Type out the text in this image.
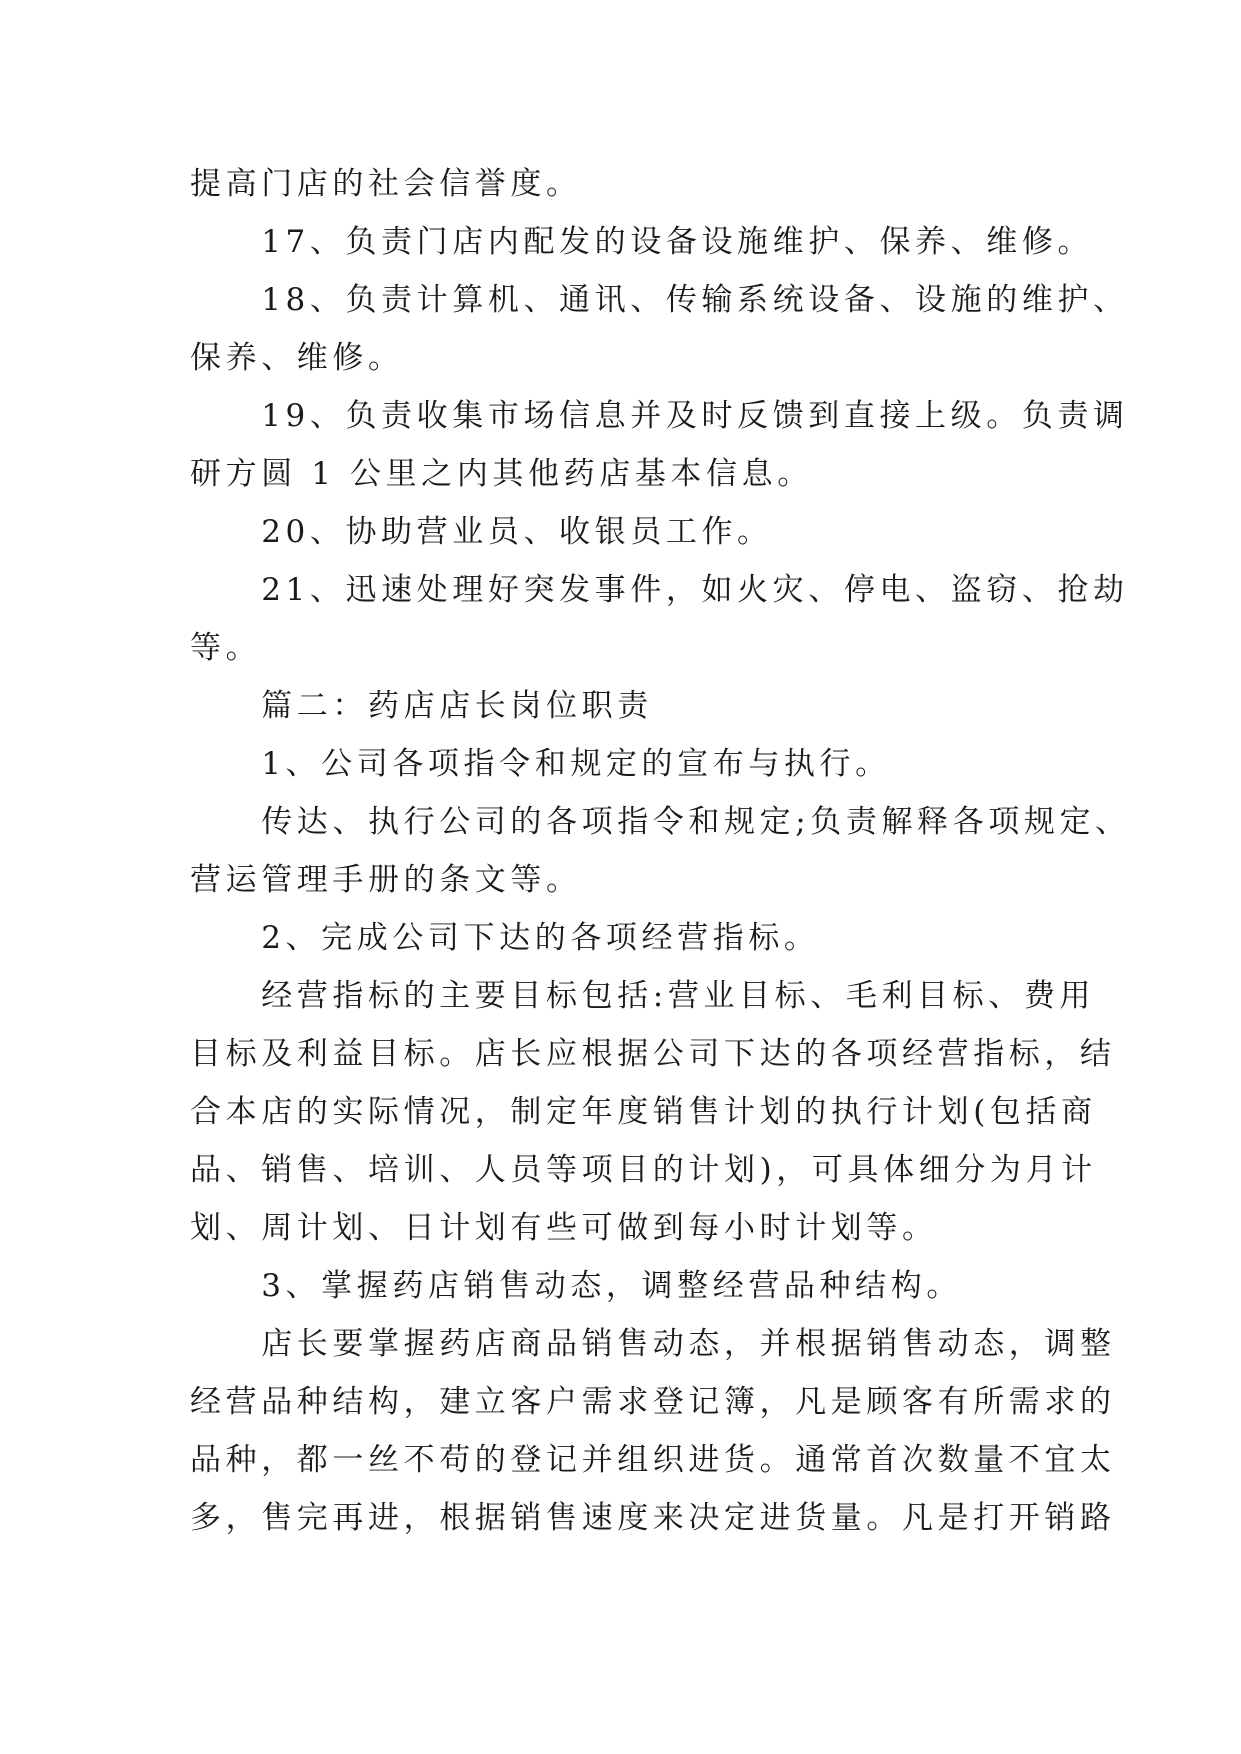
提高门店的社会信誉度。
　　17、负责门店内配发的设备设施维护、保养、维修。
　　18、负责计算机、通讯、传输系统设备、设施的维护、
保养、维修。
　　19、负责收集市场信息并及时反馈到直接上级。负责调
研方圆 1 公里之内其他药店基本信息。
　　20、协助营业员、收银员工作。
　　21、迅速处理好突发事件，如火灾、停电、盗窃、抢劫
等。
　　篇二：药店店长岗位职责
　　1、公司各项指令和规定的宣布与执行。
　　传达、执行公司的各项指令和规定;负责解释各项规定、
营运管理手册的条文等。
　　2、完成公司下达的各项经营指标。
　　经营指标的主要目标包括:营业目标、毛利目标、费用
目标及利益目标。店长应根据公司下达的各项经营指标，结
合本店的实际情况，制定年度销售计划的执行计划(包括商
品、销售、培训、人员等项目的计划)，可具体细分为月计
划、周计划、日计划有些可做到每小时计划等。
　　3、掌握药店销售动态，调整经营品种结构。
　　店长要掌握药店商品销售动态，并根据销售动态，调整
经营品种结构，建立客户需求登记簿，凡是顾客有所需求的
品种，都一丝不苟的登记并组织进货。通常首次数量不宜太
多，售完再进，根据销售速度来决定进货量。凡是打开销路
